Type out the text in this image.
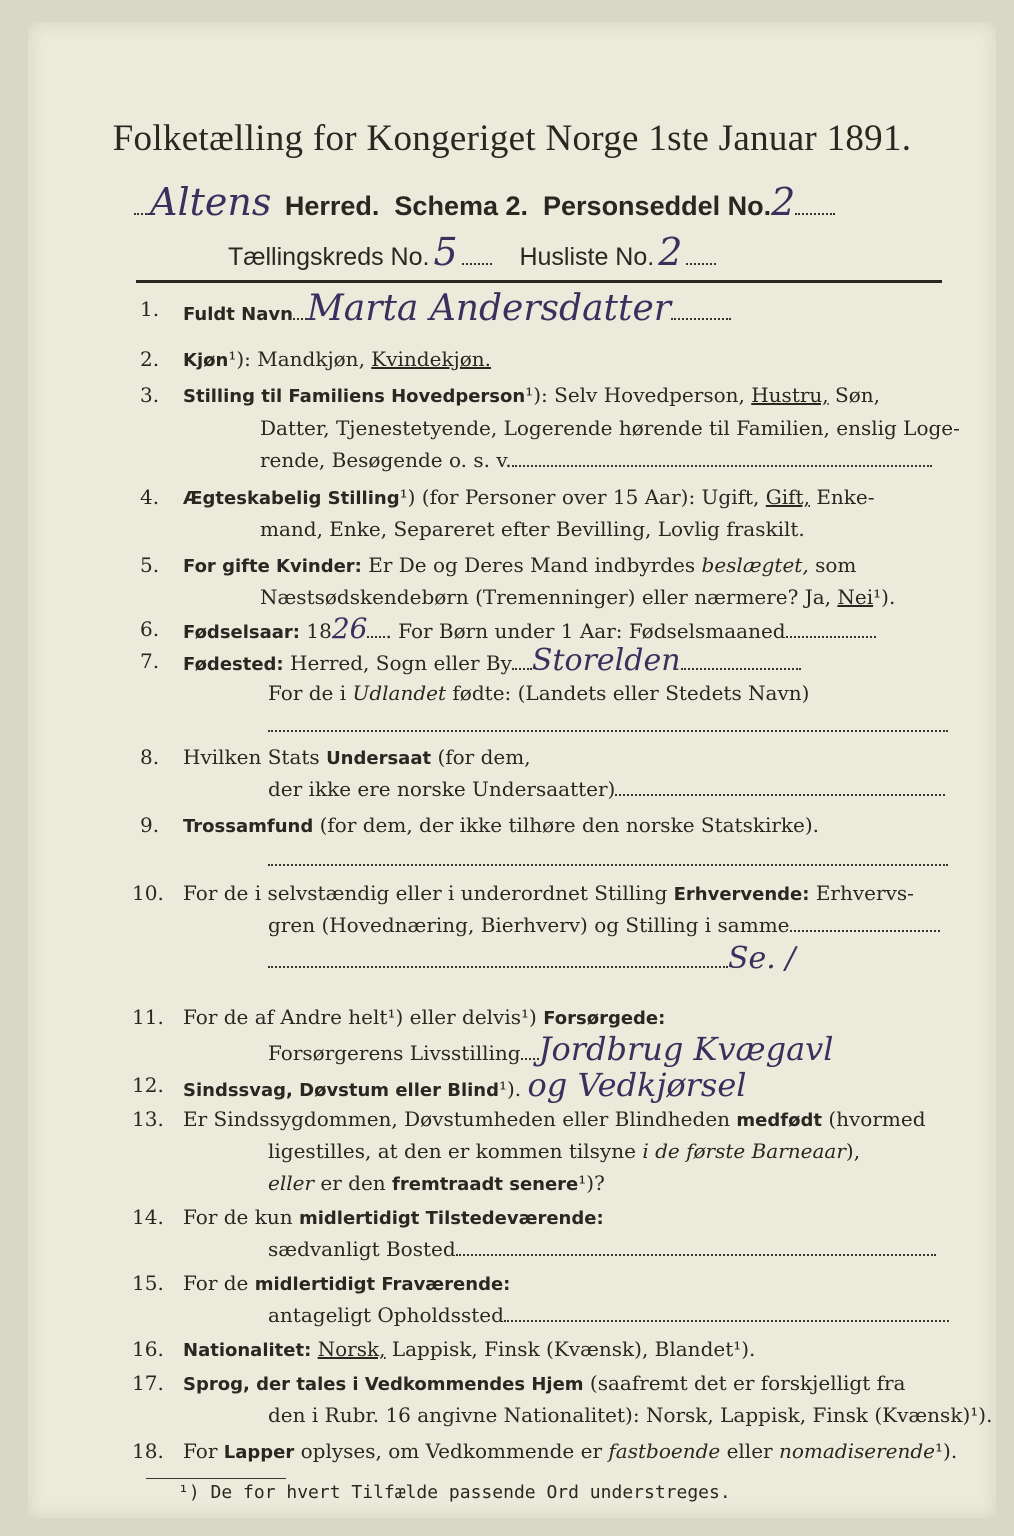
Folketælling for Kongeriget Norge 1ste Januar 1891.
Altens Herred. Schema 2. Personseddel No.2
Tællingskreds No. 5 Husliste No. 2
1.	Fuldt Navn Marta Andersdatter
2.	Kjøn¹): Mandkjøn, Kvindekjøn.
3.	Stilling til Familiens Hovedperson¹): Selv Hovedperson, Hustru, Søn,
Datter, Tjenestetyende, Logerende hørende til Familien, enslig Loge-
rende, Besøgende o. s. v.
4.	Ægteskabelig Stilling¹) (for Personer over 15 Aar): Ugift, Gift, Enke-
mand, Enke, Separeret efter Bevilling, Lovlig fraskilt.
5.	For gifte Kvinder: Er De og Deres Mand indbyrdes beslægtet, som
Næstsødskendebørn (Tremenninger) eller nærmere? Ja, Nei¹).
6.	Fødselsaar: 1826 . For Børn under 1 Aar: Fødselsmaaned
7.	Fødested: Herred, Sogn eller By Storelden
For de i Udlandet fødte: (Landets eller Stedets Navn)
8.	Hvilken Stats Undersaat (for dem,
der ikke ere norske Undersaatter)
9.	Trossamfund (for dem, der ikke tilhøre den norske Statskirke).
10. For de i selvstændig eller i underordnet Stilling Erhvervende: Erhvervs-
gren (Hovednæring, Bierhverv) og Stilling i samme
Se. /
11. For de af Andre helt¹) eller delvis¹) Forsørgede:
Forsørgerens Livsstilling Jordbrug Kvægavl
12.	Sindssvag, Døvstum eller Blind¹). og Vedkjørsel
13. Er Sindssygdommen, Døvstumheden eller Blindheden medfødt (hvormed
ligestilles, at den er kommen tilsyne i de første Barneaar),
eller er den fremtraadt senere¹)?
14. For de kun midlertidigt Tilstedeværende:
sædvanligt Bosted
15. For de midlertidigt Fraværende:
antageligt Opholdssted
16.	Nationalitet: Norsk, Lappisk, Finsk (Kvænsk), Blandet¹).
17.	Sprog, der tales i Vedkommendes Hjem (saafremt det er forskjelligt fra
den i Rubr. 16 angivne Nationalitet): Norsk, Lappisk, Finsk (Kvænsk)¹).
18. For Lapper oplyses, om Vedkommende er fastboende eller nomadiserende¹).
¹) De for hvert Tilfælde passende Ord understreges.
